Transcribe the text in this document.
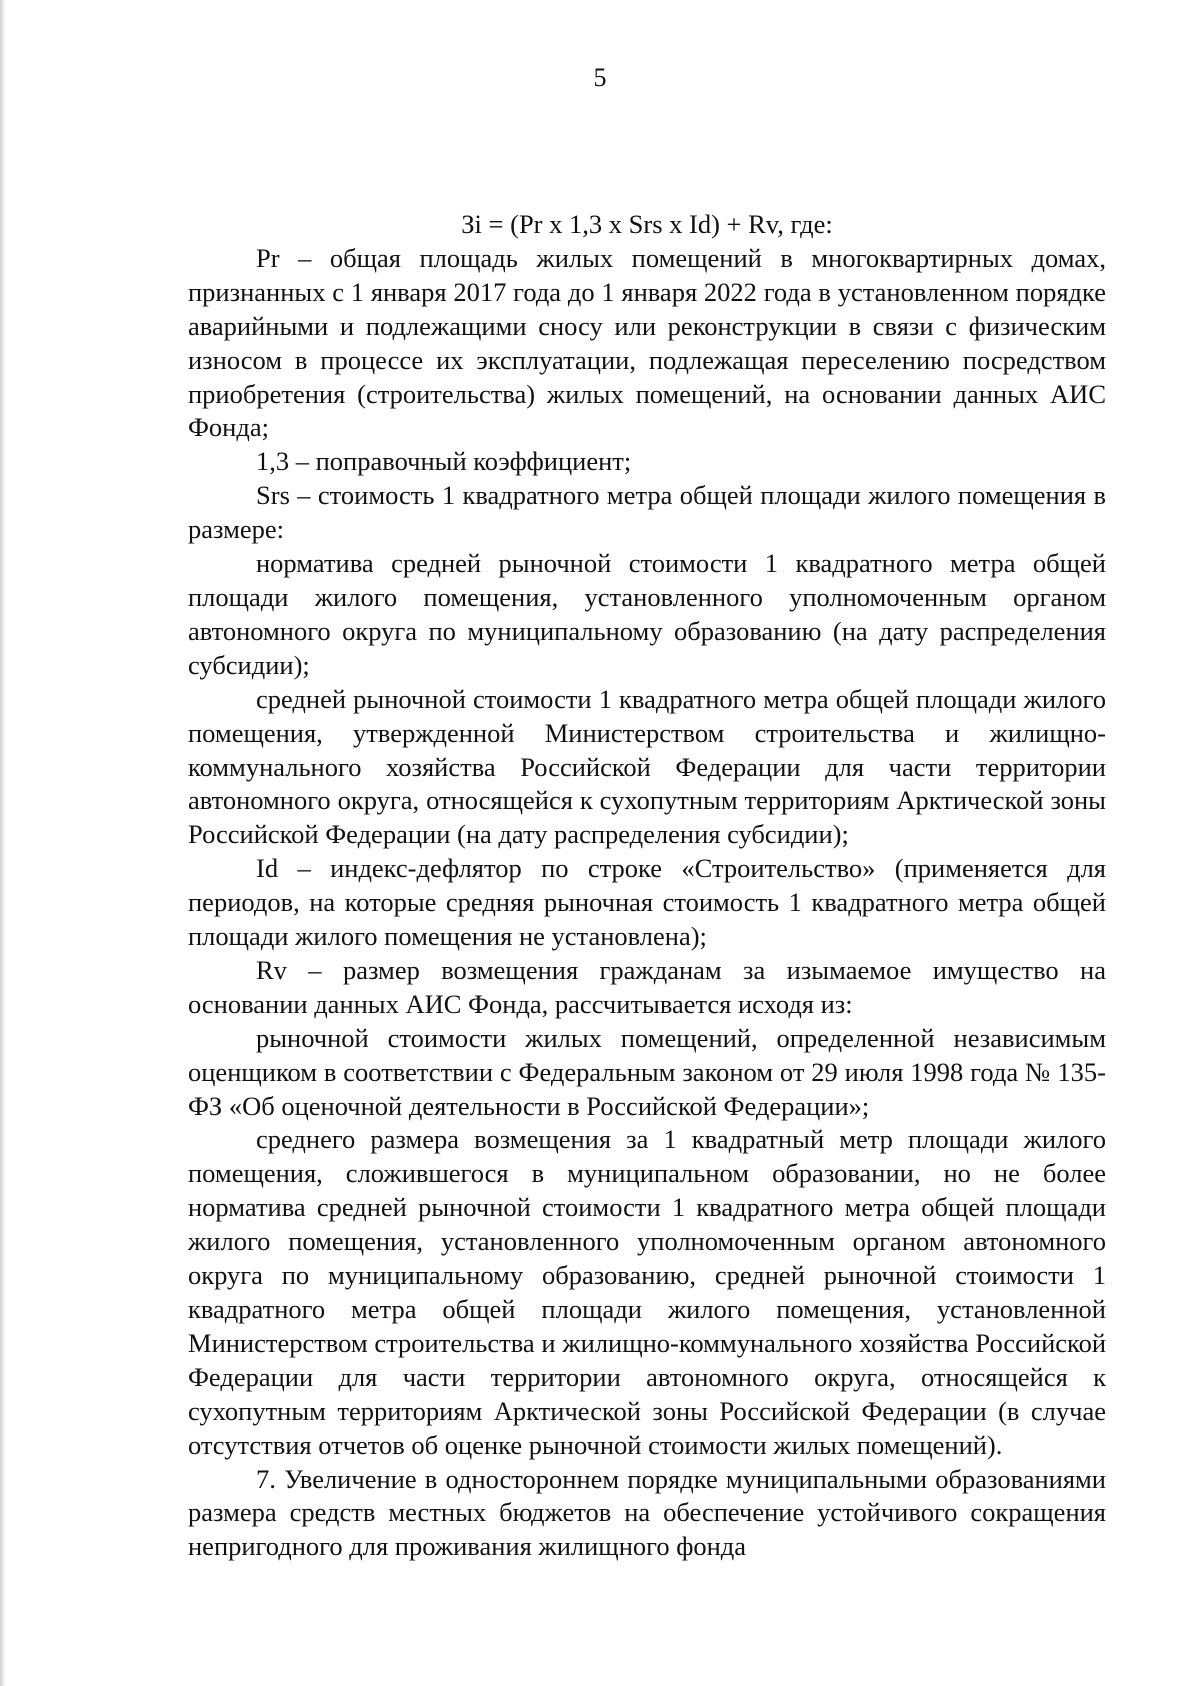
5

Зi = (Pr х 1,3 х Srs х Id) + Rv, где:

Pr – общая площадь жилых помещений в многоквартирных домах, признанных с 1 января 2017 года до 1 января 2022 года в установленном порядке аварийными и подлежащими сносу или реконструкции в связи с физическим износом в процессе их эксплуатации, подлежащая переселению посредством приобретения (строительства) жилых помещений, на основании данных АИС Фонда;

1,3 – поправочный коэффициент;

Srs – стоимость 1 квадратного метра общей площади жилого помещения в размере:

норматива средней рыночной стоимости 1 квадратного метра общей площади жилого помещения, установленного уполномоченным органом автономного округа по муниципальному образованию (на дату распределения субсидии);

средней рыночной стоимости 1 квадратного метра общей площади жилого помещения, утвержденной Министерством строительства и жилищно-коммунального хозяйства Российской Федерации для части территории автономного округа, относящейся к сухопутным территориям Арктической зоны Российской Федерации (на дату распределения субсидии);

Id – индекс-дефлятор по строке «Строительство» (применяется для периодов, на которые средняя рыночная стоимость 1 квадратного метра общей площади жилого помещения не установлена);

Rv – размер возмещения гражданам за изымаемое имущество на основании данных АИС Фонда, рассчитывается исходя из:

рыночной стоимости жилых помещений, определенной независимым оценщиком в соответствии с Федеральным законом от 29 июля 1998 года № 135-ФЗ «Об оценочной деятельности в Российской Федерации»;

среднего размера возмещения за 1 квадратный метр площади жилого помещения, сложившегося в муниципальном образовании, но не более норматива средней рыночной стоимости 1 квадратного метра общей площади жилого помещения, установленного уполномоченным органом автономного округа по муниципальному образованию, средней рыночной стоимости 1 квадратного метра общей площади жилого помещения, установленной Министерством строительства и жилищно-коммунального хозяйства Российской Федерации для части территории автономного округа, относящейся к сухопутным территориям Арктической зоны Российской Федерации (в случае отсутствия отчетов об оценке рыночной стоимости жилых помещений).

7. Увеличение в одностороннем порядке муниципальными образованиями размера средств местных бюджетов на обеспечение устойчивого сокращения непригодного для проживания жилищного фонда
